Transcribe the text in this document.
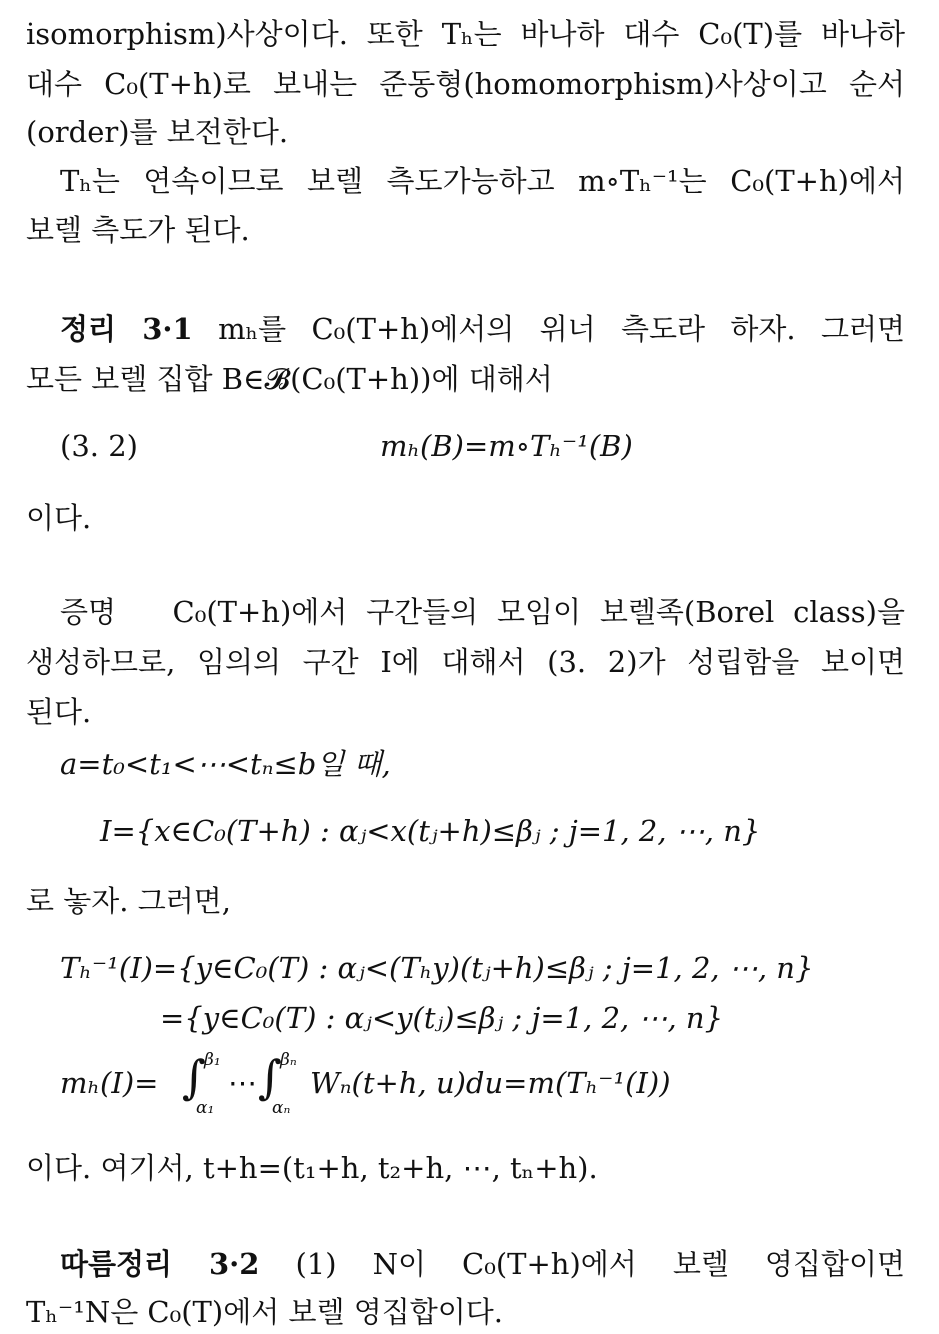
isomorphism)사상이다. 또한 Tₕ는 바나하 대수 C₀(T)를 바나하
대수 C₀(T+h)로 보내는 준동형(homomorphism)사상이고 순서
(order)를 보전한다.
Tₕ는 연속이므로 보렐 측도가능하고 m∘Tₕ⁻¹는 C₀(T+h)에서
보렐 측도가 된다.
정리 3·1 mₕ를 C₀(T+h)에서의 위너 측도라 하자. 그러면
모든 보렐 집합 B∈𝓑(C₀(T+h))에 대해서
(3. 2)	mₕ(B)=m∘Tₕ⁻¹(B)
이다.
증명 C₀(T+h)에서 구간들의 모임이 보렐족(Borel class)을
생성하므로, 임의의 구간 I에 대해서 (3. 2)가 성립함을 보이면
된다.
a=t₀<t₁<⋯<tₙ≤b일 때,
I={x∈C₀(T+h) : αⱼ<x(tⱼ+h)≤βⱼ ; j=1, 2, ⋯, n}
로 놓자. 그러면,
Tₕ⁻¹(I)={y∈C₀(T) : αⱼ<(Tₕy)(tⱼ+h)≤βⱼ ; j=1, 2, ⋯, n}
={y∈C₀(T) : αⱼ<y(tⱼ)≤βⱼ ; j=1, 2, ⋯, n}
mₕ(I)= ∫
β₁
α₁
⋯ ∫
βₙ
αₙ
Wₙ(t+h, u)du=m(Tₕ⁻¹(I))
이다. 여기서, t+h=(t₁+h, t₂+h, ⋯, tₙ+h).
따름정리 3·2 (1) N이 C₀(T+h)에서 보렐 영집합이면
Tₕ⁻¹N은 C₀(T)에서 보렐 영집합이다.
